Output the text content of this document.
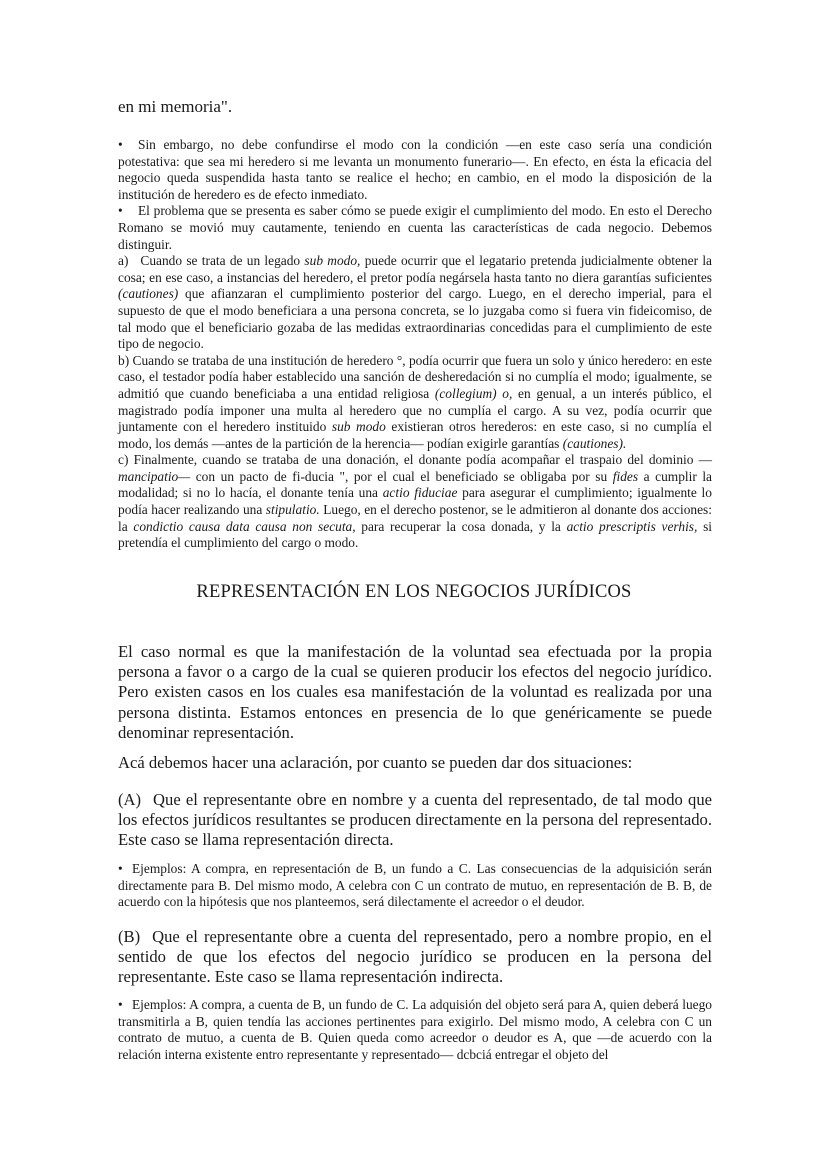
en mi memoria".

• Sin embargo, no debe confundirse el modo con la condición —en este caso sería una condición potestativa: que sea mi heredero si me levanta un monumento funerario—. En efecto, en ésta la eficacia del negocio queda suspendida hasta tanto se realice el hecho; en cambio, en el modo la disposición de la institución de heredero es de efecto inmediato.

• El problema que se presenta es saber cómo se puede exigir el cumplimiento del modo. En esto el Derecho Romano se movió muy cautamente, teniendo en cuenta las características de cada negocio. Debemos distinguir.

a) Cuando se trata de un legado sub modo, puede ocurrir que el legatario pretenda judicialmente obtener la cosa; en ese caso, a instancias del heredero, el pretor podía negársela hasta tanto no diera garantías suficientes (cautiones) que afianzaran el cumplimiento posterior del cargo. Luego, en el derecho imperial, para el supuesto de que el modo beneficiara a una persona concreta, se lo juzgaba como si fuera vin fideicomiso, de tal modo que el beneficiario gozaba de las medidas extraordinarias concedidas para el cumplimiento de este tipo de negocio.

b) Cuando se trataba de una institución de heredero °, podía ocurrir que fuera un solo y único heredero: en este caso, el testador podía haber establecido una sanción de desheredación si no cumplía el modo; igualmente, se admitió que cuando beneficiaba a una entidad religiosa (collegium) o, en genual, a un interés público, el magistrado podía imponer una multa al heredero que no cumplía el cargo. A su vez, podía ocurrir que juntamente con el heredero instituido sub modo existieran otros herederos: en este caso, si no cumplía el modo, los demás —antes de la partición de la herencia— podían exigirle garantías (cautiones).

c) Finalmente, cuando se trataba de una donación, el donante podía acompañar el traspaio del dominio — mancipatio— con un pacto de fi-ducia ", por el cual el beneficiado se obligaba por su fides a cumplir la modalidad; si no lo hacía, el donante tenía una actio fiduciae para asegurar el cumplimiento; igualmente lo podía hacer realizando una stipulatio. Luego, en el derecho postenor, se le admitieron al donante dos acciones: la condictio causa data causa non secuta, para recuperar la cosa donada, y la actio prescriptis verhis, si pretendía el cumplimiento del cargo o modo.

REPRESENTACIÓN EN LOS NEGOCIOS JURÍDICOS
El caso normal es que la manifestación de la voluntad sea efectuada por la propia persona a favor o a cargo de la cual se quieren producir los efectos del negocio jurídico. Pero existen casos en los cuales esa manifestación de la voluntad es realizada por una persona distinta. Estamos entonces en presencia de lo que genéricamente se puede denominar representación.
Acá debemos hacer una aclaración, por cuanto se pueden dar dos situaciones:
(A) Que el representante obre en nombre y a cuenta del representado, de tal modo que los efectos jurídicos resultantes se producen directamente en la persona del representado. Este caso se llama representación directa.
• Ejemplos: A compra, en representación de B, un fundo a C. Las consecuencias de la adquisición serán directamente para B. Del mismo modo, A celebra con C un contrato de mutuo, en representación de B. B, de acuerdo con la hipótesis que nos planteemos, será dilectamente el acreedor o el deudor.
(B) Que el representante obre a cuenta del representado, pero a nombre propio, en el sentido de que los efectos del negocio jurídico se producen en la persona del representante. Este caso se llama representación indirecta.
• Ejemplos: A compra, a cuenta de B, un fundo de C. La adquisión del objeto será para A, quien deberá luego transmitirla a B, quien tendía las acciones pertinentes para exigirlo. Del mismo modo, A celebra con C un contrato de mutuo, a cuenta de B. Quien queda como acreedor o deudor es A, que —de acuerdo con la relación interna existente entro representante y representado— dcbciá entregar el objeto del
